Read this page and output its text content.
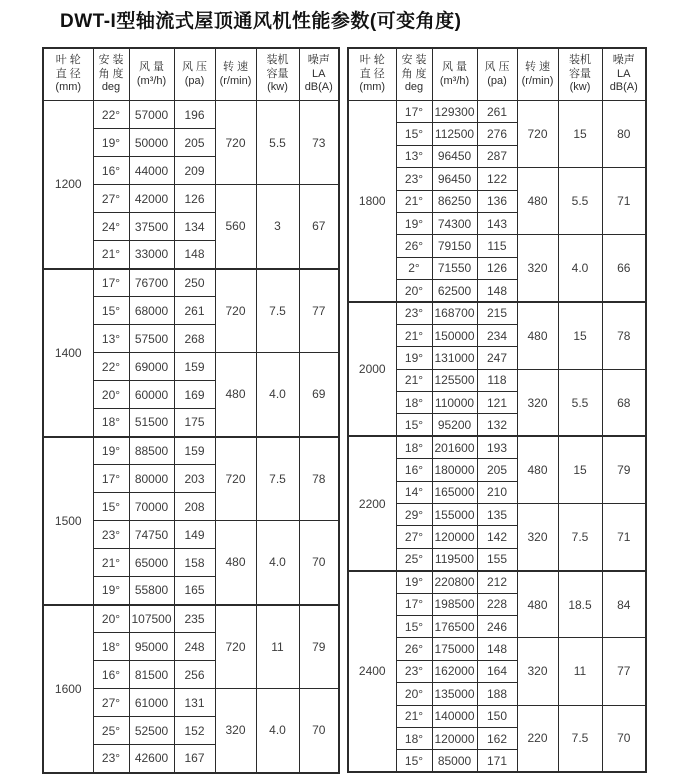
DWT-I型轴流式屋顶通风机性能参数(可变角度)
叶 轮
直 径
(mm)

安 装
角 度
deg

风 量
(m³/h)

风 压
(pa)

转 速
(r/min)

装机
容量
(kw)

噪声
LA
dB(A)

1200	22°	57000	196	720	5.5	73
	19°	50000	205			
	16°	44000	209			
	27°	42000	126	560	3	67
	24°	37500	134			
	21°	33000	148			
1400	17°	76700	250	720	7.5	77
	15°	68000	261			
	13°	57500	268			
	22°	69000	159	480	4.0	69
	20°	60000	169			
	18°	51500	175			
1500	19°	88500	159	720	7.5	78
	17°	80000	203			
	15°	70000	208			
	23°	74750	149	480	4.0	70
	21°	65000	158			
	19°	55800	165			
1600	20°	107500	235	720	11	79
	18°	95000	248			
	16°	81500	256			
	27°	61000	131	320	4.0	70
	25°	52500	152			
	23°	42600	167			
叶 轮
直 径
(mm)

安 装
角 度
deg

风 量
(m³/h)

风 压
(pa)

转 速
(r/min)

装机
容量
(kw)

噪声
LA
dB(A)

1800	17°	129300	261	720	15	80
	15°	112500	276			
	13°	96450	287			
	23°	96450	122	480	5.5	71
	21°	86250	136			
	19°	74300	143			
	26°	79150	115	320	4.0	66
	2°	71550	126			
	20°	62500	148			
2000	23°	168700	215	480	15	78
	21°	150000	234			
	19°	131000	247			
	21°	125500	118	320	5.5	68
	18°	110000	121			
	15°	95200	132			
2200	18°	201600	193	480	15	79
	16°	180000	205			
	14°	165000	210			
	29°	155000	135	320	7.5	71
	27°	120000	142			
	25°	119500	155			
2400	19°	220800	212	480	18.5	84
	17°	198500	228			
	15°	176500	246			
	26°	175000	148	320	11	77
	23°	162000	164			
	20°	135000	188			
	21°	140000	150	220	7.5	70
	18°	120000	162			
	15°	85000	171			
